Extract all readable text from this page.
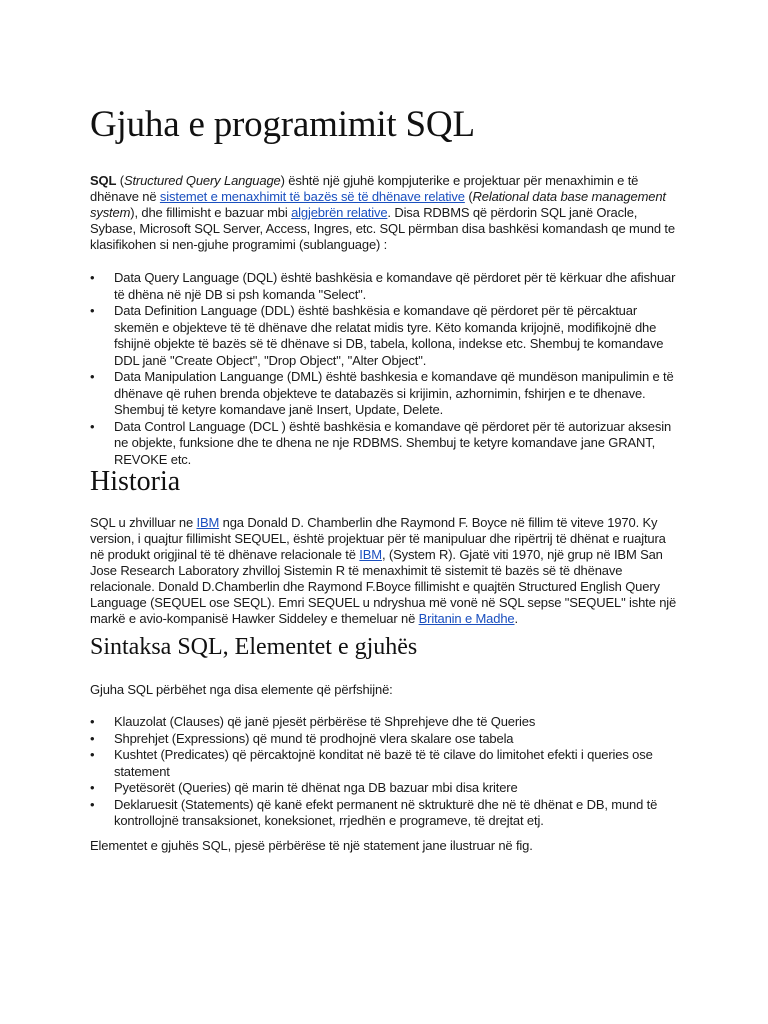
Gjuha e programimit SQL

SQL (Structured Query Language) është një gjuhë kompjuterike e projektuar për menaxhimin e të dhënave në sistemet e menaxhimit të bazës së të dhënave relative (Relational data base management system), dhe fillimisht e bazuar mbi algjebrën relative. Disa RDBMS që përdorin SQL janë Oracle, Sybase, Microsoft SQL Server, Access, Ingres, etc. SQL përmban disa bashkësi komandash qe mund te klasifikohen si nen-gjuhe programimi (sublanguage) :

• Data Query Language (DQL) është bashkësia e komandave që përdoret për të kërkuar dhe afishuar të dhëna në një DB si psh komanda "Select".
• Data Definition Language (DDL) është bashkësia e komandave që përdoret për të përcaktuar skemën e objekteve të të dhënave dhe relatat midis tyre. Këto komanda krijojnë, modifikojnë dhe fshijnë objekte të bazës së të dhënave si DB, tabela, kollona, indekse etc. Shembuj te komandave DDL janë "Create Object", "Drop Object", "Alter Object".
• Data Manipulation Languange (DML) është bashkesia e komandave që mundëson manipulimin e të dhënave që ruhen brenda objekteve te databazës si krijimin, azhornimin, fshirjen e te dhenave. Shembuj të ketyre komandave janë Insert, Update, Delete.
• Data Control Language (DCL ) është bashkësia e komandave që përdoret për të autorizuar aksesin ne objekte, funksione dhe te dhena ne nje RDBMS. Shembuj te ketyre komandave jane GRANT, REVOKE etc.
Historia

SQL u zhvilluar ne IBM nga Donald D. Chamberlin dhe Raymond F. Boyce në fillim të viteve 1970. Ky version, i quajtur fillimisht SEQUEL, është projektuar për të manipuluar dhe ripërtrij të dhënat e ruajtura në produkt origjinal të të dhënave relacionale të IBM, (System R). Gjatë viti 1970, një grup në IBM San Jose Research Laboratory zhvilloj Sistemin R të menaxhimit të sistemit të bazës së të dhënave relacionale. Donald D.Chamberlin dhe Raymond F.Boyce fillimisht e quajtën Structured English Query Language (SEQUEL ose SEQL). Emri SEQUEL u ndryshua më vonë në SQL sepse "SEQUEL" ishte një markë e avio-kompanisë Hawker Siddeley e themeluar në Britanin e Madhe.

Sintaksa SQL, Elementet e gjuhës

Gjuha SQL përbëhet nga disa elemente që përfshijnë:

• Klauzolat (Clauses) që janë pjesët përbërëse të Shprehjeve dhe të Queries
• Shprehjet (Expressions) që mund të prodhojnë vlera skalare ose tabela
• Kushtet (Predicates) që përcaktojnë konditat në bazë të të cilave do limitohet efekti i queries ose statement
• Pyetësorët (Queries) që marin të dhënat nga DB bazuar mbi disa kritere
• Deklaruesit (Statements) që kanë efekt permanent në sktrukturë dhe në të dhënat e DB, mund të kontrollojnë transaksionet, koneksionet, rrjedhën e programeve, të drejtat etj.

Elementet e gjuhës SQL, pjesë përbërëse të një statement jane ilustruar në fig.
